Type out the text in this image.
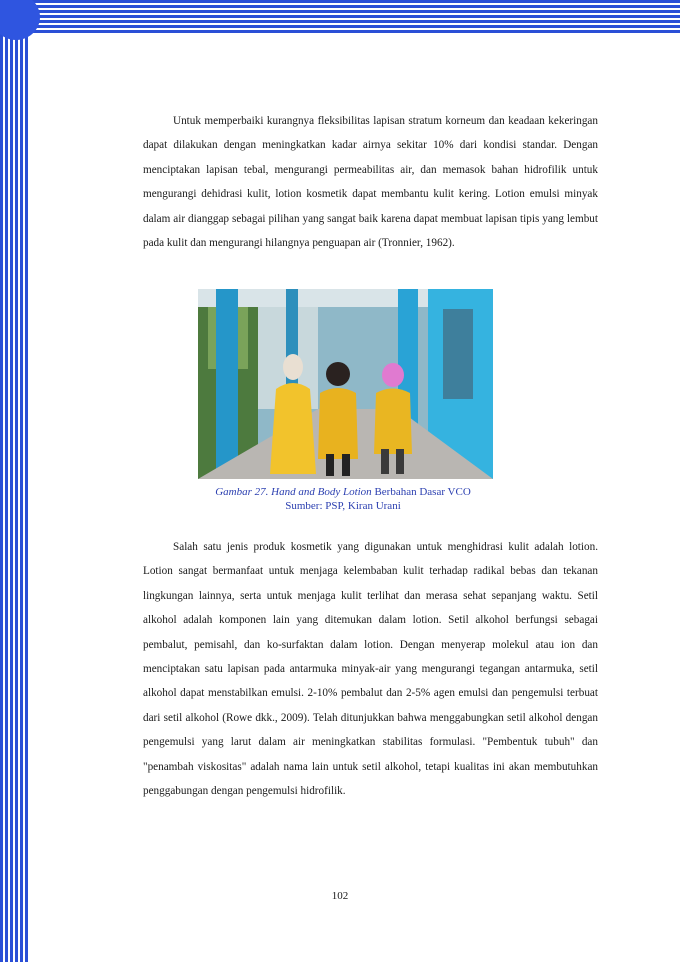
Untuk memperbaiki kurangnya fleksibilitas lapisan stratum korneum dan keadaan kekeringan dapat dilakukan dengan meningkatkan kadar airnya sekitar 10% dari kondisi standar. Dengan menciptakan lapisan tebal, mengurangi permeabilitas air, dan memasok bahan hidrofilik untuk mengurangi dehidrasi kulit, lotion kosmetik dapat membantu kulit kering. Lotion emulsi minyak dalam air dianggap sebagai pilihan yang sangat baik karena dapat membuat lapisan tipis yang lembut pada kulit dan mengurangi hilangnya penguapan air (Tronnier, 1962).

Gambar 27. Hand and Body Lotion Berbahan Dasar VCO
Sumber: PSP, Kiran Urani

Salah satu jenis produk kosmetik yang digunakan untuk menghidrasi kulit adalah lotion. Lotion sangat bermanfaat untuk menjaga kelembaban kulit terhadap radikal bebas dan tekanan lingkungan lainnya, serta untuk menjaga kulit terlihat dan merasa sehat sepanjang waktu. Setil alkohol adalah komponen lain yang ditemukan dalam lotion. Setil alkohol berfungsi sebagai pembalut, pemisahl, dan ko-surfaktan dalam lotion. Dengan menyerap molekul atau ion dan menciptakan satu lapisan pada antarmuka minyak-air yang mengurangi tegangan antarmuka, setil alkohol dapat menstabilkan emulsi. 2-10% pembalut dan 2-5% agen emulsi dan pengemulsi terbuat dari setil alkohol (Rowe dkk., 2009). Telah ditunjukkan bahwa menggabungkan setil alkohol dengan pengemulsi yang larut dalam air meningkatkan stabilitas formulasi. "Pembentuk tubuh" dan "penambah viskositas" adalah nama lain untuk setil alkohol, tetapi kualitas ini akan membutuhkan penggabungan dengan pengemulsi hidrofilik.

102
